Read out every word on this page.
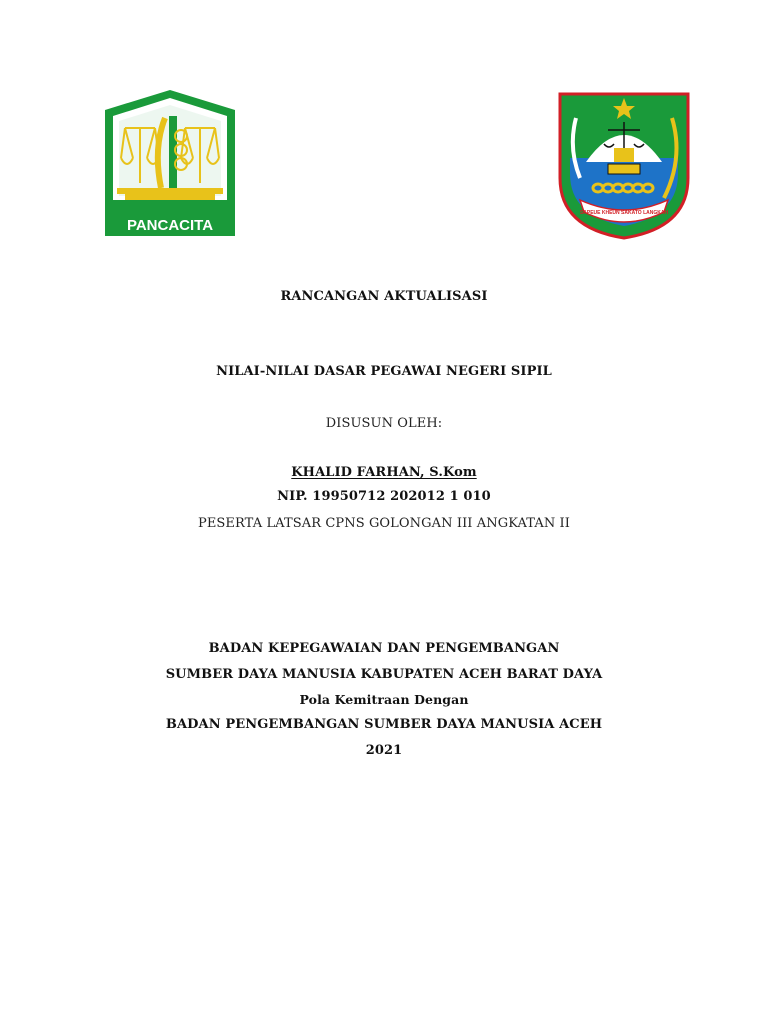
PANCACITA
SAPEUE KHEUN SAKATO LANGKAH
RANCANGAN AKTUALISASI
NILAI-NILAI DASAR PEGAWAI NEGERI SIPIL
DISUSUN OLEH:
KHALID FARHAN, S.Kom
NIP. 19950712 202012 1 010
PESERTA LATSAR CPNS GOLONGAN III ANGKATAN II
BADAN KEPEGAWAIAN DAN PENGEMBANGAN
SUMBER DAYA MANUSIA KABUPATEN ACEH BARAT DAYA
Pola Kemitraan Dengan
BADAN PENGEMBANGAN SUMBER DAYA MANUSIA ACEH
2021
